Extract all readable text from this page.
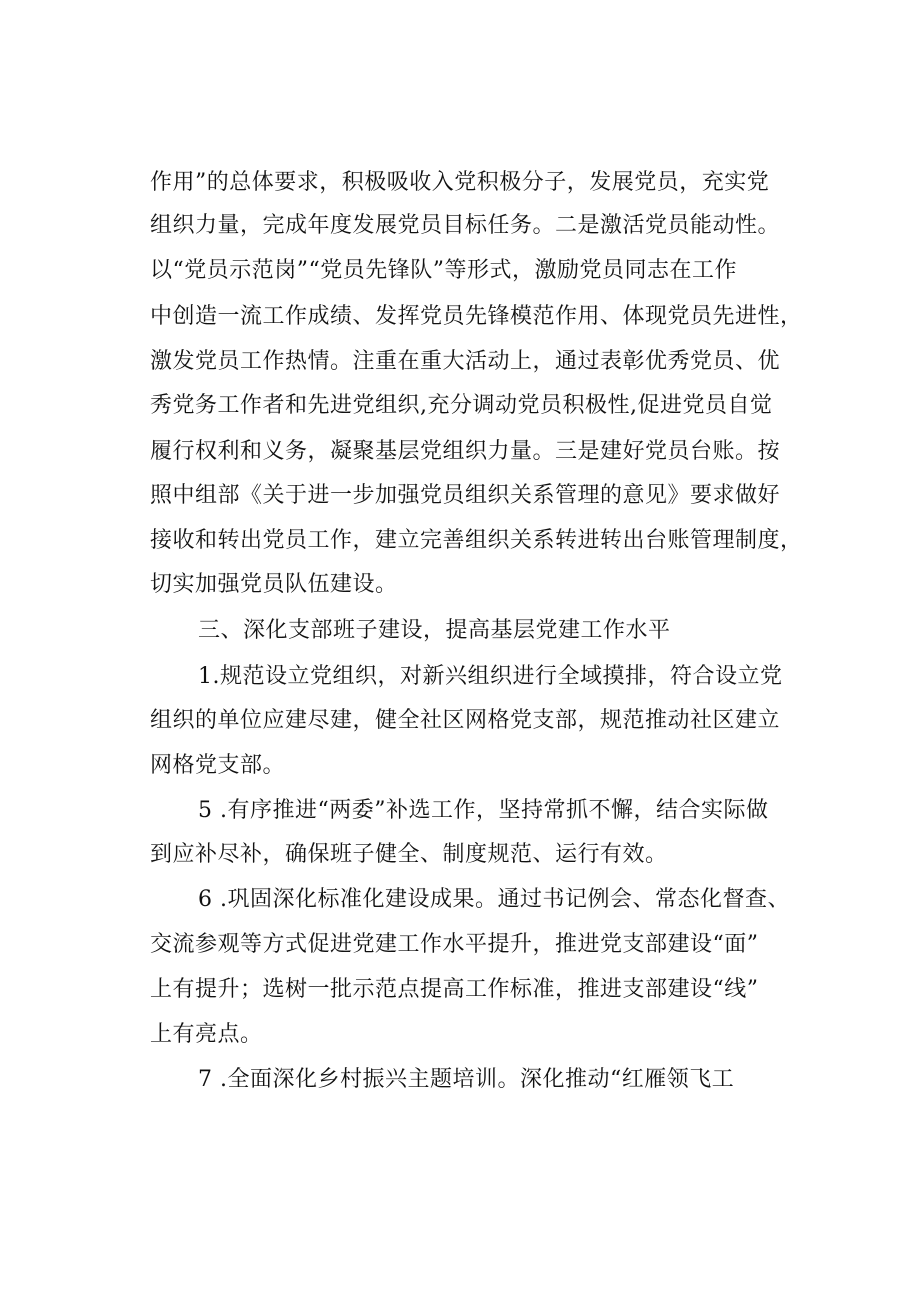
作用”的总体要求，积极吸收入党积极分子，发展党员，充实党
组织力量，完成年度发展党员目标任务。二是激活党员能动性。
以“党员示范岗”“党员先锋队”等形式，激励党员同志在工作
中创造一流工作成绩、发挥党员先锋模范作用、体现党员先进性，
激发党员工作热情。注重在重大活动上，通过表彰优秀党员、优
秀党务工作者和先进党组织,充分调动党员积极性,促进党员自觉
履行权利和义务，凝聚基层党组织力量。三是建好党员台账。按
照中组部《关于进一步加强党员组织关系管理的意见》要求做好
接收和转出党员工作，建立完善组织关系转进转出台账管理制度，
切实加强党员队伍建设。
三、深化支部班子建设，提高基层党建工作水平
1.规范设立党组织，对新兴组织进行全域摸排，符合设立党
组织的单位应建尽建，健全社区网格党支部，规范推动社区建立
网格党支部。
5 .有序推进“两委”补选工作，坚持常抓不懈，结合实际做
到应补尽补，确保班子健全、制度规范、运行有效。
6 .巩固深化标准化建设成果。通过书记例会、常态化督查、
交流参观等方式促进党建工作水平提升，推进党支部建设“面”
上有提升；选树一批示范点提高工作标准，推进支部建设“线”
上有亮点。
7 .全面深化乡村振兴主题培训。深化推动“红雁领飞工
